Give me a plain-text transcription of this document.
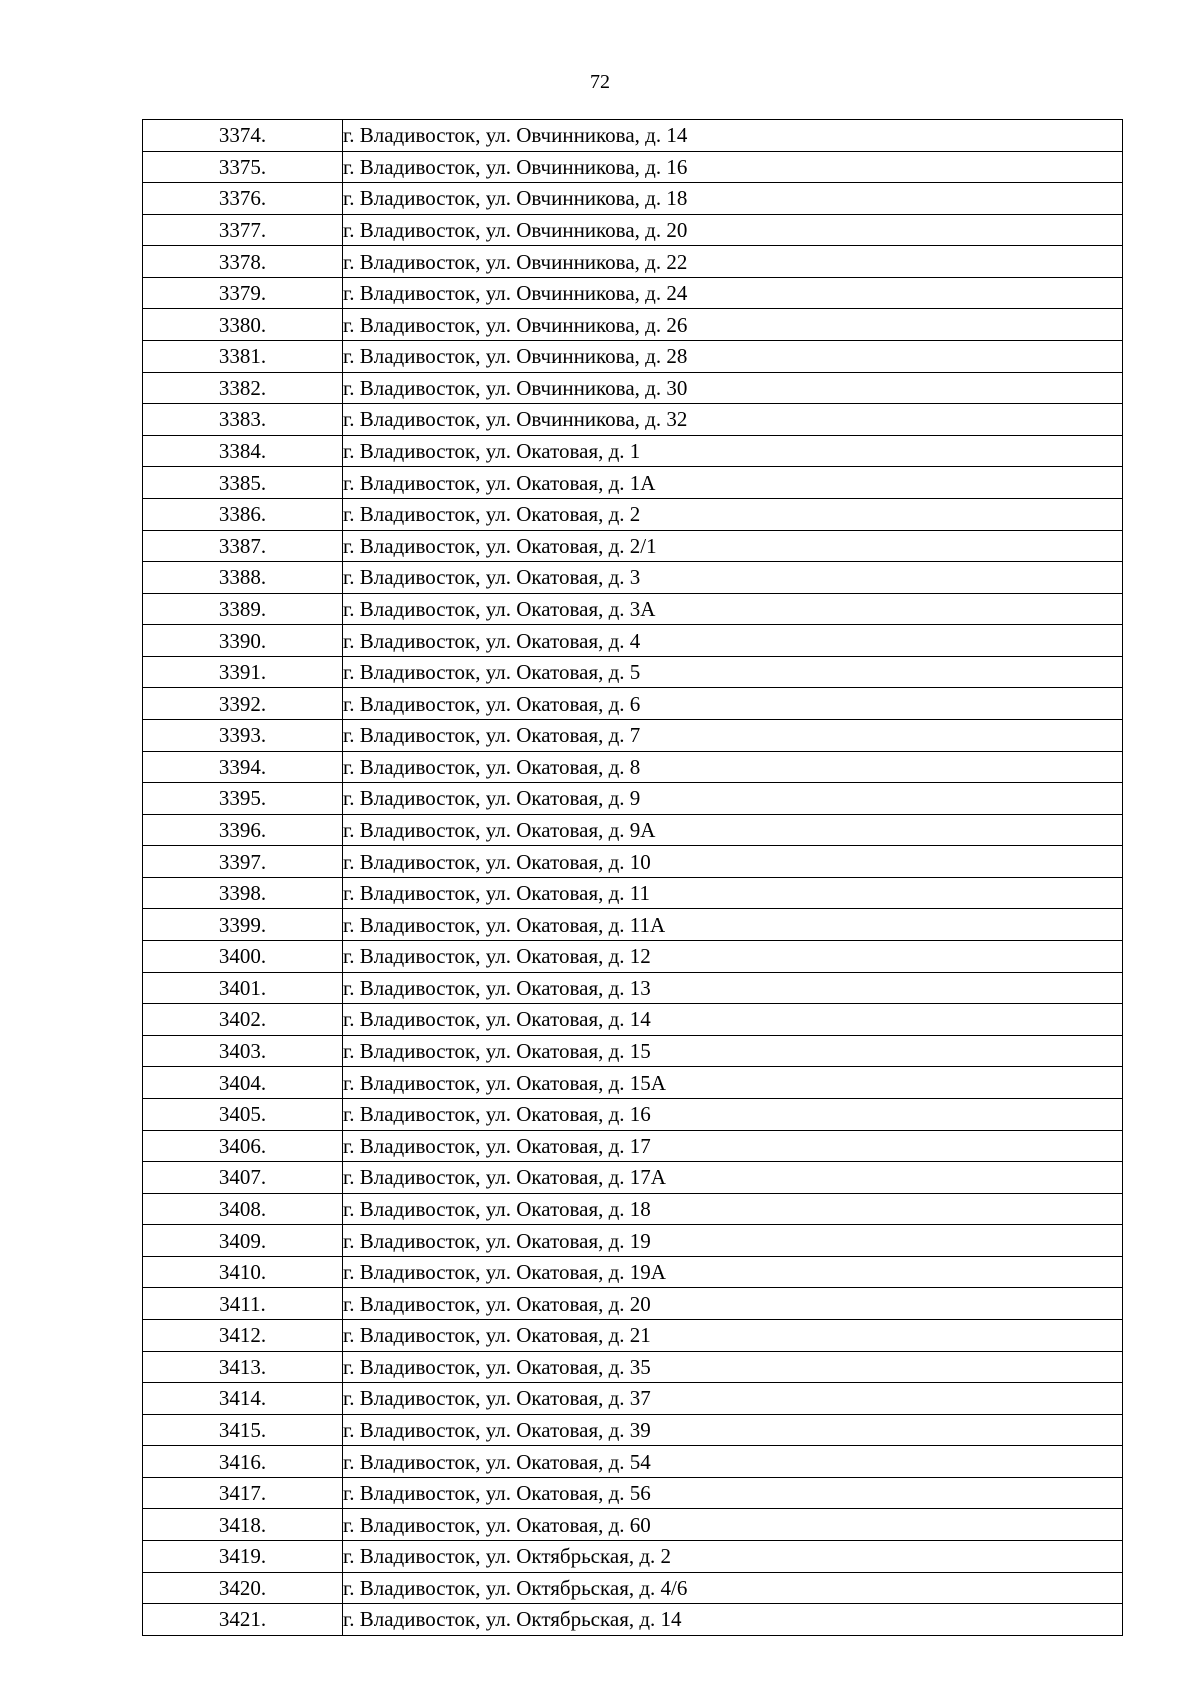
72
3374.	г. Владивосток, ул. Овчинникова, д. 14
3375.	г. Владивосток, ул. Овчинникова, д. 16
3376.	г. Владивосток, ул. Овчинникова, д. 18
3377.	г. Владивосток, ул. Овчинникова, д. 20
3378.	г. Владивосток, ул. Овчинникова, д. 22
3379.	г. Владивосток, ул. Овчинникова, д. 24
3380.	г. Владивосток, ул. Овчинникова, д. 26
3381.	г. Владивосток, ул. Овчинникова, д. 28
3382.	г. Владивосток, ул. Овчинникова, д. 30
3383.	г. Владивосток, ул. Овчинникова, д. 32
3384.	г. Владивосток, ул. Окатовая, д. 1
3385.	г. Владивосток, ул. Окатовая, д. 1А
3386.	г. Владивосток, ул. Окатовая, д. 2
3387.	г. Владивосток, ул. Окатовая, д. 2/1
3388.	г. Владивосток, ул. Окатовая, д. 3
3389.	г. Владивосток, ул. Окатовая, д. 3А
3390.	г. Владивосток, ул. Окатовая, д. 4
3391.	г. Владивосток, ул. Окатовая, д. 5
3392.	г. Владивосток, ул. Окатовая, д. 6
3393.	г. Владивосток, ул. Окатовая, д. 7
3394.	г. Владивосток, ул. Окатовая, д. 8
3395.	г. Владивосток, ул. Окатовая, д. 9
3396.	г. Владивосток, ул. Окатовая, д. 9А
3397.	г. Владивосток, ул. Окатовая, д. 10
3398.	г. Владивосток, ул. Окатовая, д. 11
3399.	г. Владивосток, ул. Окатовая, д. 11А
3400.	г. Владивосток, ул. Окатовая, д. 12
3401.	г. Владивосток, ул. Окатовая, д. 13
3402.	г. Владивосток, ул. Окатовая, д. 14
3403.	г. Владивосток, ул. Окатовая, д. 15
3404.	г. Владивосток, ул. Окатовая, д. 15А
3405.	г. Владивосток, ул. Окатовая, д. 16
3406.	г. Владивосток, ул. Окатовая, д. 17
3407.	г. Владивосток, ул. Окатовая, д. 17А
3408.	г. Владивосток, ул. Окатовая, д. 18
3409.	г. Владивосток, ул. Окатовая, д. 19
3410.	г. Владивосток, ул. Окатовая, д. 19А
3411.	г. Владивосток, ул. Окатовая, д. 20
3412.	г. Владивосток, ул. Окатовая, д. 21
3413.	г. Владивосток, ул. Окатовая, д. 35
3414.	г. Владивосток, ул. Окатовая, д. 37
3415.	г. Владивосток, ул. Окатовая, д. 39
3416.	г. Владивосток, ул. Окатовая, д. 54
3417.	г. Владивосток, ул. Окатовая, д. 56
3418.	г. Владивосток, ул. Окатовая, д. 60
3419.	г. Владивосток, ул. Октябрьская, д. 2
3420.	г. Владивосток, ул. Октябрьская, д. 4/6
3421.	г. Владивосток, ул. Октябрьская, д. 14
